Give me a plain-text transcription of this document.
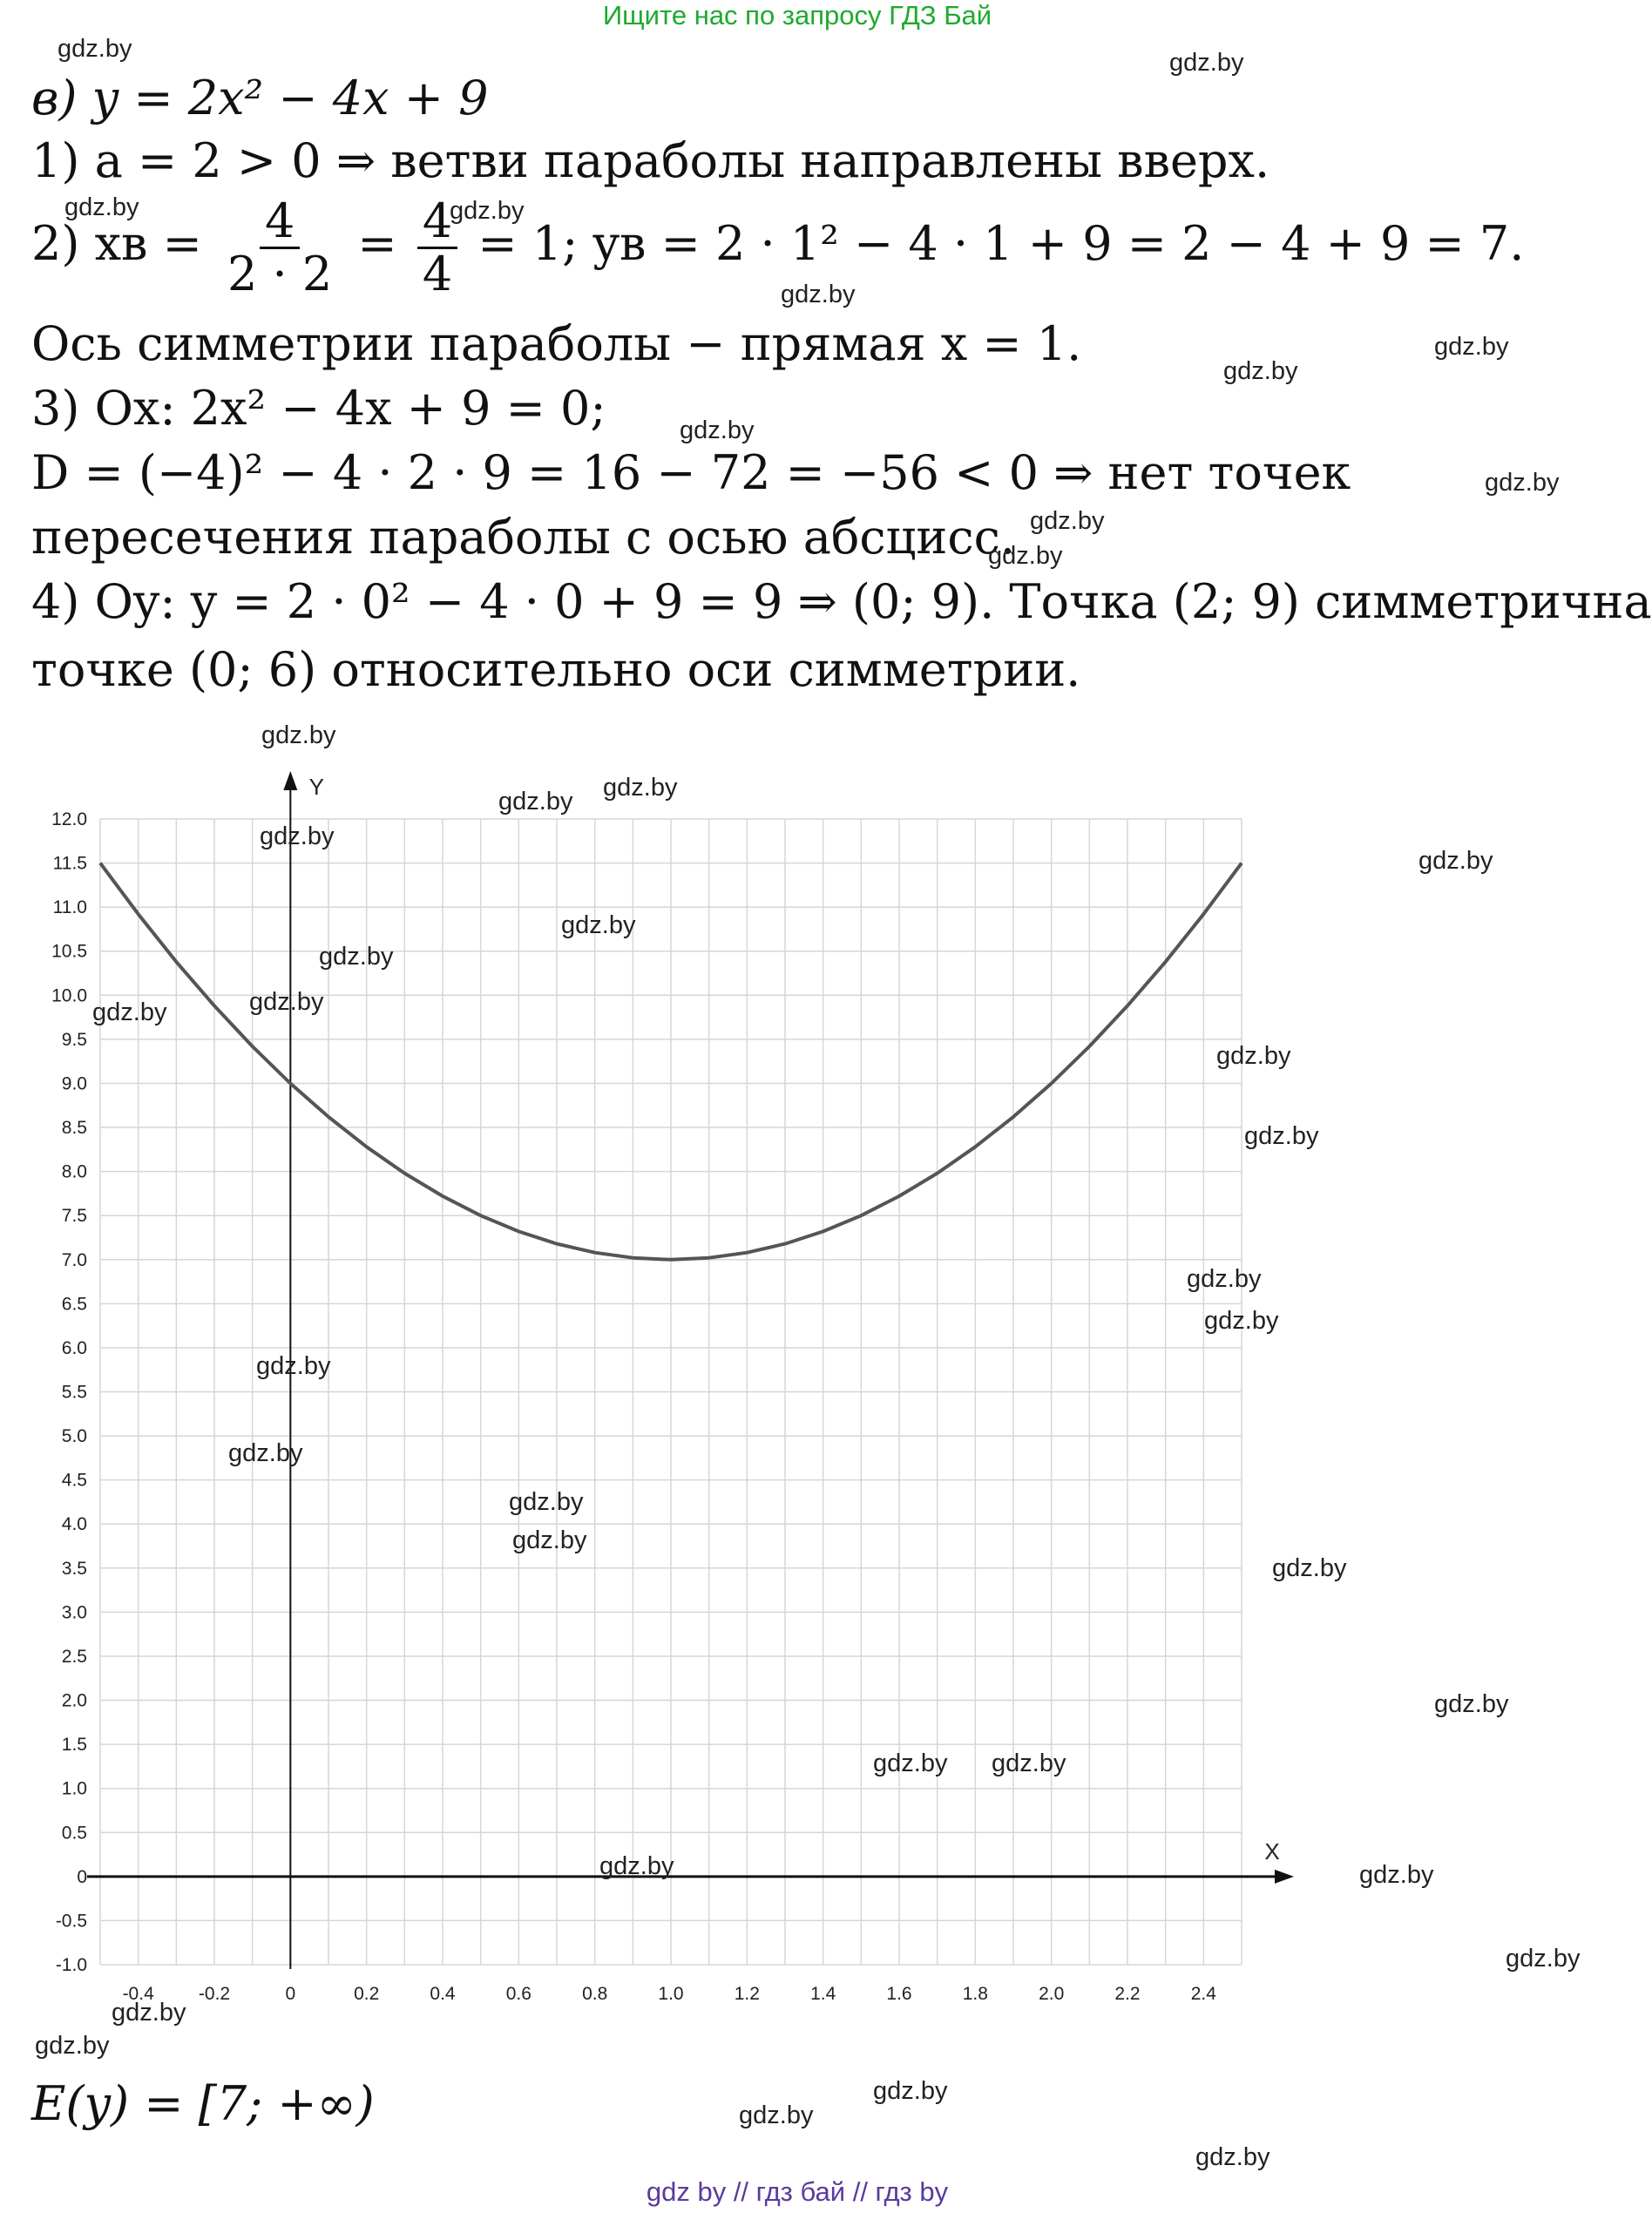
Ищите нас по запросу ГДЗ Бай
в) y = 2x² − 4x + 9
1) a = 2 > 0 ⇒ ветви параболы направлены вверх.
2) xв = $\frac{4}{2 \cdot 2} = \frac{4}{4} = 1$; yв = 2 · 1² − 4 · 1 + 9 = 2 − 4 + 9 = 7.
Ось симметрии параболы − прямая x = 1.
3) Ox: 2x² − 4x + 9 = 0;
D = (−4)² − 4 · 2 · 9 = 16 − 72 = −56 < 0 ⇒ нет точек
пересечения параболы с осью абсцисс.
4) Oy: y = 2 · 0² − 4 · 0 + 9 = 9 ⇒ (0; 9). Точка (2; 9) симметрична
точке (0; 6) относительно оси симметрии.
12.0
11.5
11.0
10.5
10.0
9.5
9.0
8.5
8.0
7.5
7.0
6.5
6.0
5.5
5.0
4.5
4.0
3.5
3.0
2.5
2.0
1.5
1.0
0.5
0
-0.5
-1.0
-0.4 -0.2	0	0.2	0.4	0.6	0.8	1.0	1.2	1.4	1.6	1.8	2.0	2.2	2.4
X
Y
E(y) = [7; +∞)
gdz.by	gdz.by
gdz.by	gdz.by
gdz.by
gdz.by
gdz.by
gdz.by
gdz.by
gdz.by
gdz.by
gdz.by
gdz.by gdz.by
gdz.by
gdz.by
gdz.by
gdz.by
gdz.by	gdz.by
gdz.by
gdz.by
gdz.by
gdz.by
gdz.by
gdz.by
gdz.by
gdz.by
gdz.by
gdz.by
gdz.by gdz.by
gdz.by
gdz.by
gdz.by
gdz.by
gdz.by
gdz.by
gdz.by
gdz.by
gdz by // гдз бай // гдз by
